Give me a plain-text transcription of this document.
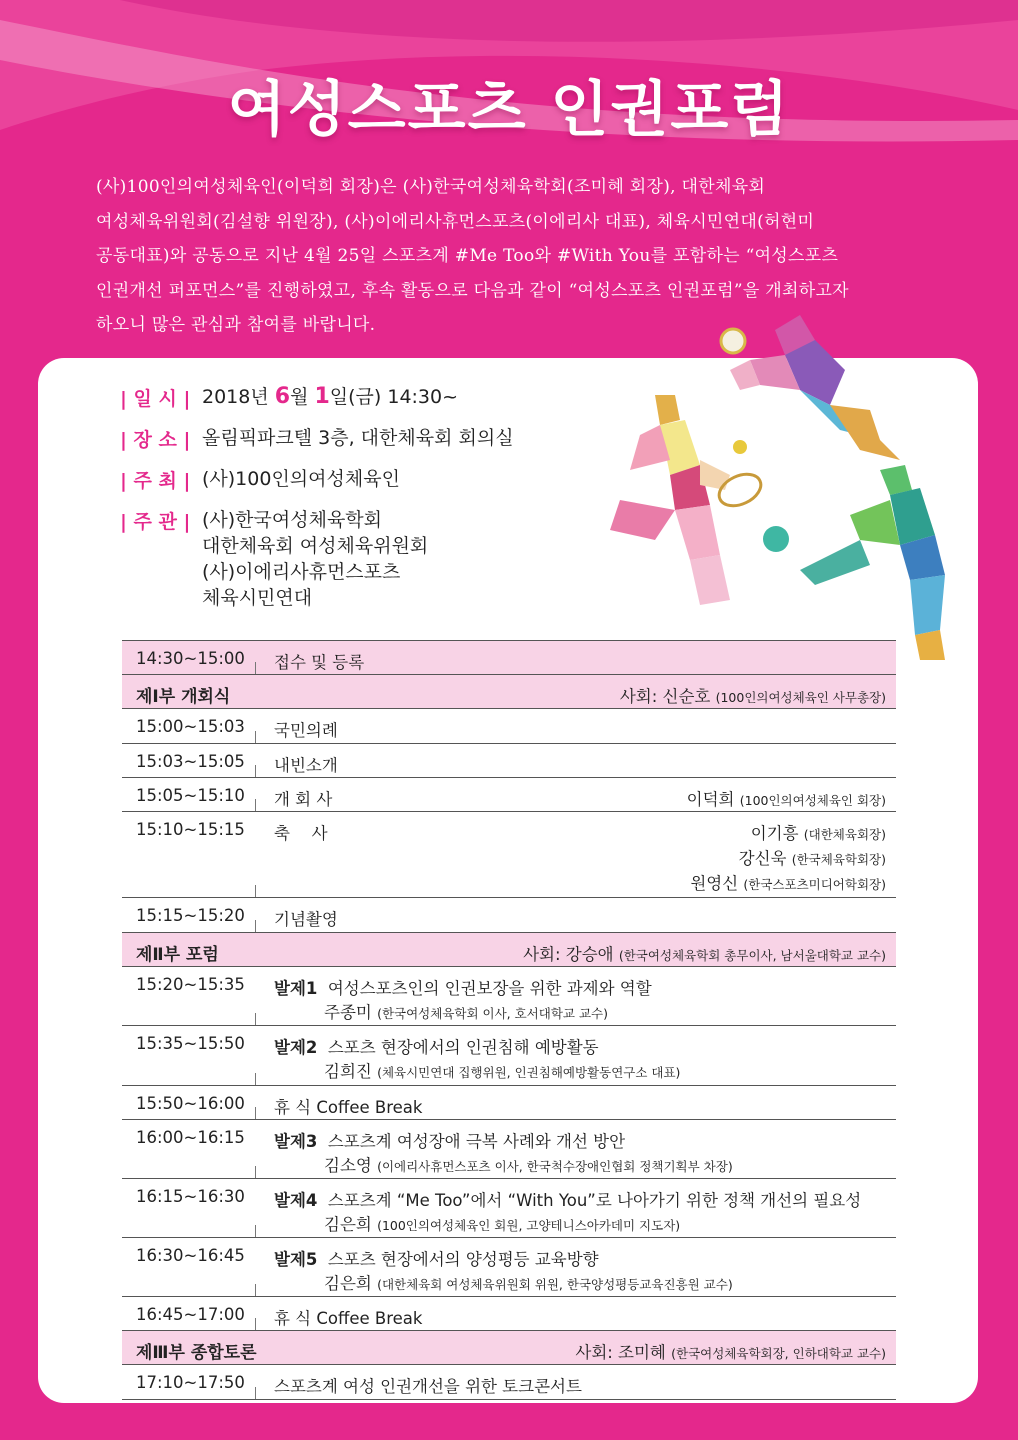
여성스포츠 인권포럼
(사)100인의여성체육인(이덕희 회장)은 (사)한국여성체육학회(조미혜 회장), 대한체육회
여성체육위원회(김설향 위원장), (사)이에리사휴먼스포츠(이에리사 대표), 체육시민연대(허현미
공동대표)와 공동으로 지난 4월 25일 스포츠계 #Me Too와 #With You를 포함하는 “여성스포츠
인권개선 퍼포먼스”를 진행하였고, 후속 활동으로 다음과 같이 “여성스포츠 인권포럼”을 개최하고자
하오니 많은 관심과 참여를 바랍니다.
| 일 시 | 2018년 6월 1일(금) 14:30~
| 장 소 | 올림픽파크텔 3층, 대한체육회 회의실
| 주 최 | (사)100인의여성체육인
| 주 관 | (사)한국여성체육학회
대한체육회 여성체육위원회
(사)이에리사휴먼스포츠
체육시민연대
14:30~15:00 접수 및 등록
제Ⅰ부 개회식	사회: 신순호 (100인의여성체육인 사무총장)
15:00~15:03 국민의례
15:03~15:05 내빈소개
15:05~15:10 개 회 사	이덕희 (100인의여성체육인 회장)
15:10~15:15 축　 사	이기흥 (대한체육회장)
강신욱 (한국체육학회장)
원영신 (한국스포츠미디어학회장)
15:15~15:20 기념촬영
제Ⅱ부 포럼	사회: 강승애 (한국여성체육학회 총무이사, 남서울대학교 교수)
15:20~15:35 발제1 여성스포츠인의 인권보장을 위한 과제와 역할
주종미 (한국여성체육학회 이사, 호서대학교 교수)
15:35~15:50 발제2 스포츠 현장에서의 인권침해 예방활동
김희진 (체육시민연대 집행위원, 인권침해예방활동연구소 대표)
15:50~16:00 휴 식 Coffee Break
16:00~16:15 발제3 스포츠계 여성장애 극복 사례와 개선 방안
김소영 (이에리사휴먼스포츠 이사, 한국척수장애인협회 정책기획부 차장)
16:15~16:30 발제4 스포츠계 “Me Too”에서 “With You”로 나아가기 위한 정책 개선의 필요성
김은희 (100인의여성체육인 회원, 고양테니스아카데미 지도자)
16:30~16:45 발제5 스포츠 현장에서의 양성평등 교육방향
김은희 (대한체육회 여성체육위원회 위원, 한국양성평등교육진흥원 교수)
16:45~17:00 휴 식 Coffee Break
제Ⅲ부 종합토론	사회: 조미혜 (한국여성체육학회장, 인하대학교 교수)
17:10~17:50 스포츠계 여성 인권개선을 위한 토크콘서트
